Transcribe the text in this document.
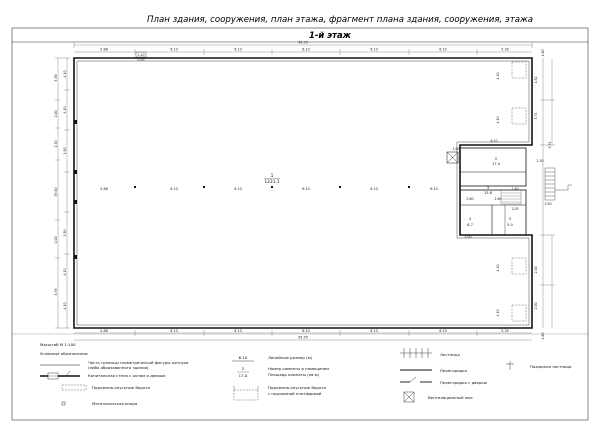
План здания, сооружения, план этажа, фрагмент плана здания, сооружения, этажа
1-й этаж
45.55
5.88	6.10	6.10	6.10	6.10	6.10	5.39
2.10
0.95
5.88	6.10	6.10	6.10	6.10	6.10
1
1231.1
5.39
2.00
1.50
39.80
2.00
5.39
4.10
4.10
1.90
1.90
4.10
4.10
1.60
1.82
3.74
3.74
2.00
2.00
1.60
4.10
4.10
4.10
4.10
2
17.0
3
15.8
4
8.7
5
5.0
6.10
1.60
2.30
3.50
1.40
2.60	2.60
2.05
2.00
5.88	6.10	6.10	6.10	6.10	6.10	5.39
45.55
Масштаб М 1:100
Условные обозначения:
Часть границы геометрической фигуры контура
(либо образованного здания)
Капитальная стена с окном и дверью
Подъемно-опускные Ворота
Металлическая опора
6.10	Линейные размер (м)
2
17.0
Номер комнаты в помещении
Площадь комнаты (кв.м)
Подъемно-опускные Ворота
с подъемной платформой
Лестница
Перегородка
Перегородка с дверью
Вентиляционный люк
Пожарная лестница
